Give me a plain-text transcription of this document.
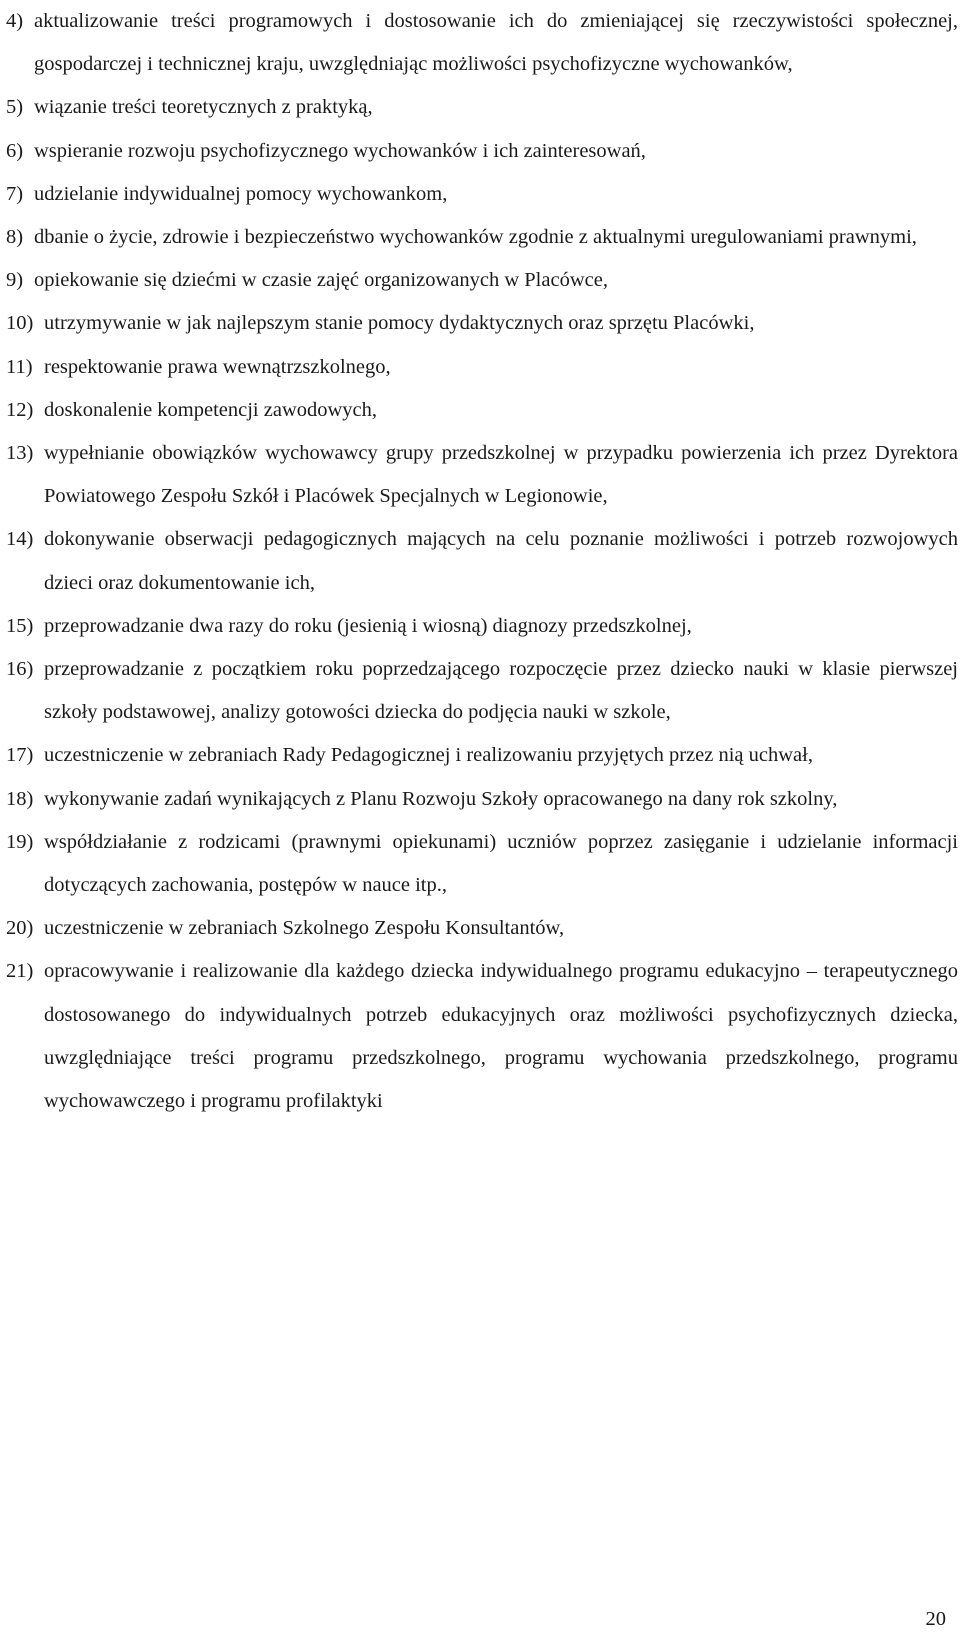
4) aktualizowanie treści programowych i dostosowanie ich do zmieniającej się rzeczywistości społecznej, gospodarczej i technicznej kraju, uwzględniając możliwości psychofizyczne wychowanków,
5) wiązanie treści teoretycznych z praktyką,
6) wspieranie rozwoju psychofizycznego wychowanków i ich zainteresowań,
7) udzielanie indywidualnej pomocy wychowankom,
8) dbanie o życie, zdrowie i bezpieczeństwo wychowanków zgodnie z aktualnymi uregulowaniami prawnymi,
9) opiekowanie się dziećmi w czasie zajęć organizowanych w Placówce,
10) utrzymywanie w jak najlepszym stanie pomocy dydaktycznych oraz sprzętu Placówki,
11) respektowanie prawa wewnątrzszkolnego,
12) doskonalenie kompetencji zawodowych,
13) wypełnianie obowiązków wychowawcy grupy przedszkolnej w przypadku powierzenia ich przez Dyrektora Powiatowego Zespołu Szkół i Placówek Specjalnych w Legionowie,
14) dokonywanie obserwacji pedagogicznych mających na celu poznanie możliwości i potrzeb rozwojowych dzieci oraz dokumentowanie ich,
15) przeprowadzanie dwa razy do roku (jesienią i wiosną) diagnozy przedszkolnej,
16) przeprowadzanie z początkiem roku poprzedzającego rozpoczęcie przez dziecko nauki w klasie pierwszej szkoły podstawowej, analizy gotowości dziecka do podjęcia nauki w szkole,
17) uczestniczenie w zebraniach Rady Pedagogicznej i realizowaniu przyjętych przez nią uchwał,
18) wykonywanie zadań wynikających z Planu Rozwoju Szkoły opracowanego na dany rok szkolny,
19) współdziałanie z rodzicami (prawnymi opiekunami) uczniów poprzez zasięganie i udzielanie informacji dotyczących zachowania, postępów w nauce itp.,
20) uczestniczenie w zebraniach Szkolnego Zespołu Konsultantów,
21) opracowywanie i realizowanie dla każdego dziecka indywidualnego programu edukacyjno – terapeutycznego dostosowanego do indywidualnych potrzeb edukacyjnych oraz możliwości psychofizycznych dziecka, uwzględniające treści programu przedszkolnego, programu wychowania przedszkolnego, programu wychowawczego i programu profilaktyki
20
